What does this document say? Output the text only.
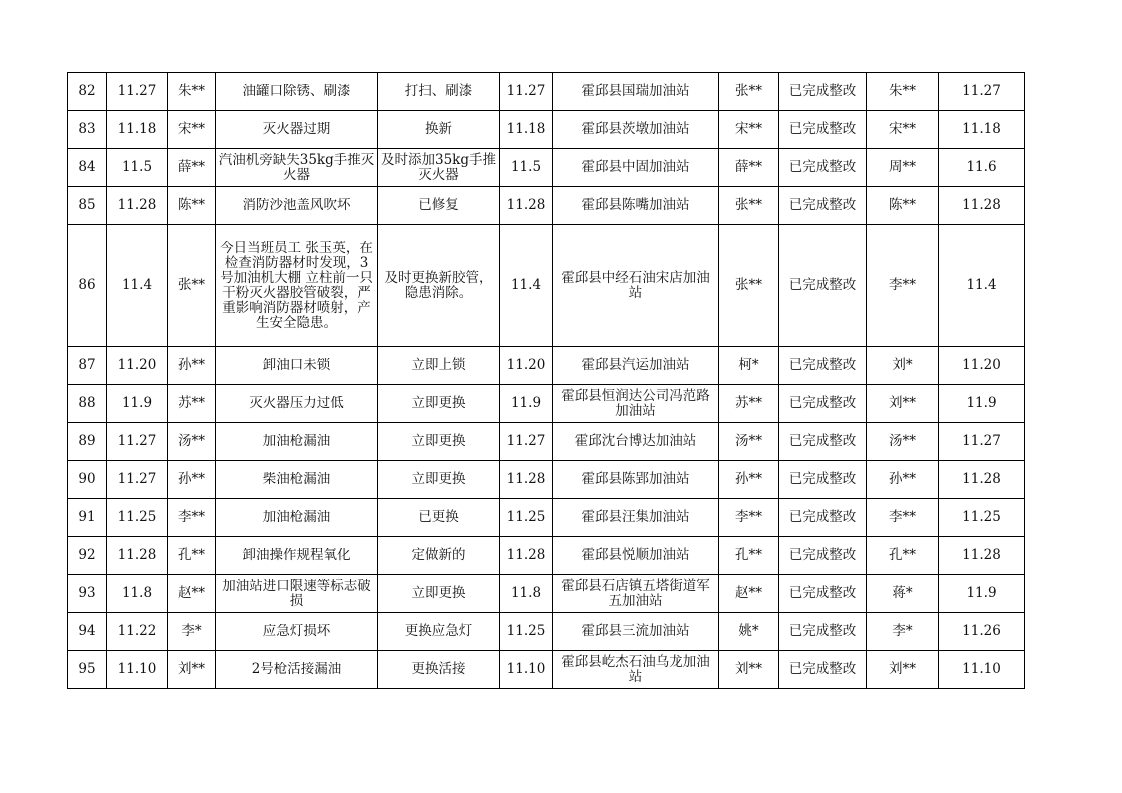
82	11.27	朱**	油罐口除锈、刷漆	打扫、刷漆	11.27	霍邱县国瑞加油站	张**	已完成整改	朱**	11.27
83	11.18	宋**	灭火器过期	换新	11.18	霍邱县茨墩加油站	宋**	已完成整改	宋**	11.18
84	11.5	薛**	汽油机旁缺失35kg手推灭火器	及时添加35kg手推灭火器	11.5	霍邱县中固加油站	薛**	已完成整改	周**	11.6
85	11.28	陈**	消防沙池盖风吹坏	已修复	11.28	霍邱县陈嘴加油站	张**	已完成整改	陈**	11.28
86	11.4	张**	今日当班员工 张玉英，在检查消防器材时发现，3号加油机大棚 立柱前一只干粉灭火器胶管破裂，严重影响消防器材喷射，产生安全隐患。	及时更换新胶管，隐患消除。	11.4	霍邱县中经石油宋店加油站	张**	已完成整改	李**	11.4
87	11.20	孙**	卸油口未锁	立即上锁	11.20	霍邱县汽运加油站	柯*	已完成整改	刘*	11.20
88	11.9	苏**	灭火器压力过低	立即更换	11.9	霍邱县恒润达公司冯范路加油站	苏**	已完成整改	刘**	11.9
89	11.27	汤**	加油枪漏油	立即更换	11.27	霍邱沈台博达加油站	汤**	已完成整改	汤**	11.27
90	11.27	孙**	柴油枪漏油	立即更换	11.28	霍邱县陈郢加油站	孙**	已完成整改	孙**	11.28
91	11.25	李**	加油枪漏油	已更换	11.25	霍邱县汪集加油站	李**	已完成整改	李**	11.25
92	11.28	孔**	卸油操作规程氧化	定做新的	11.28	霍邱县悦顺加油站	孔**	已完成整改	孔**	11.28
93	11.8	赵**	加油站进口限速等标志破损	立即更换	11.8	霍邱县石店镇五塔街道军五加油站	赵**	已完成整改	蒋*	11.9
94	11.22	李*	应急灯损坏	更换应急灯	11.25	霍邱县三流加油站	姚*	已完成整改	李*	11.26
95	11.10	刘**	2号枪活接漏油	更换活接	11.10	霍邱县屹杰石油乌龙加油站	刘**	已完成整改	刘**	11.10
